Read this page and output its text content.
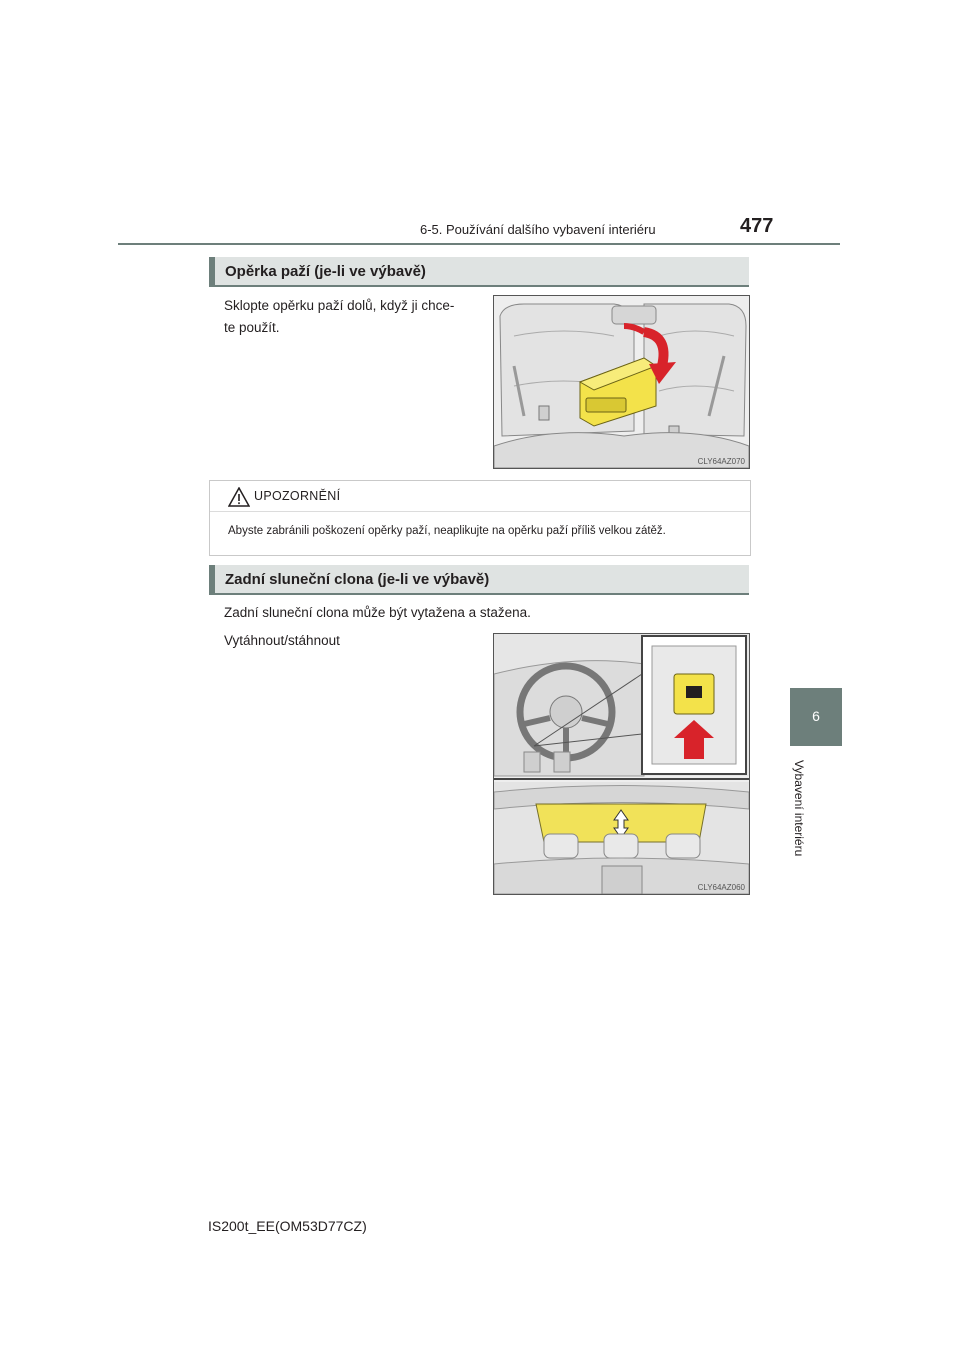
6-5. Používání dalšího vybavení interiéru	477
6
Vybavení interiéru
Opěrka paží (je-li ve výbavě)
Sklopte opěrku paží dolů, když ji chce-
te použít.
CLY64AZ070
UPOZORNĚNÍ
Abyste zabránili poškození opěrky paží, neaplikujte na opěrku paží příliš velkou zátěž.
Zadní sluneční clona (je-li ve výbavě)
Zadní sluneční clona může být vytažena a stažena.
Vytáhnout/stáhnout
CLY64AZ060
IS200t_EE(OM53D77CZ)
